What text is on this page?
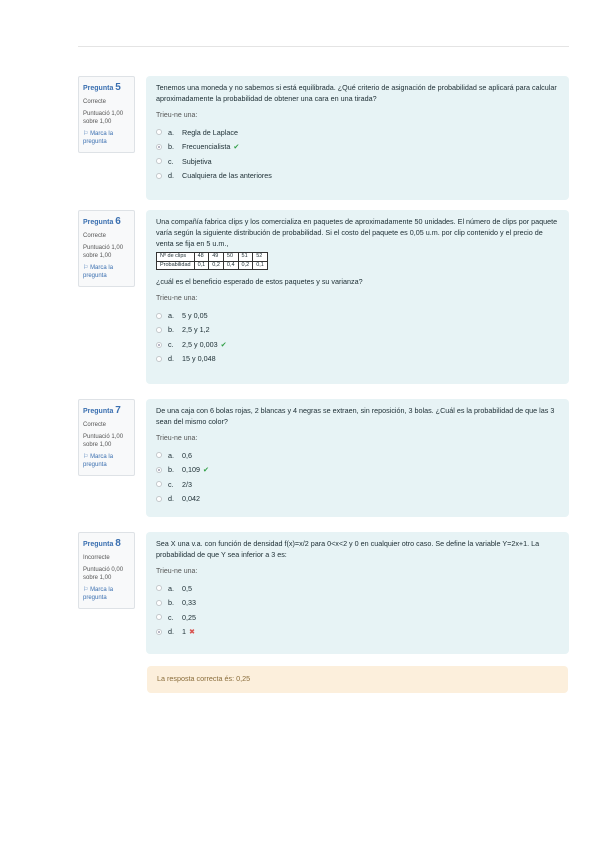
Pregunta 5
Correcte
Puntuació 1,00 sobre 1,00
⚐ Marca la pregunta
Tenemos una moneda y no sabemos si está equilibrada. ¿Qué criterio de asignación de probabilidad se aplicará para calcular aproximadamente la probabilidad de obtener una cara en una tirada?
Trieu-ne una:
a.	Regla de Laplace
b.	Frecuencialista ✔
c.	Subjetiva
d.	Cualquiera de las anteriores
Pregunta 6
Correcte
Puntuació 1,00 sobre 1,00
⚐ Marca la pregunta
Una compañía fabrica clips y los comercializa en paquetes de aproximadamente 50 unidades. El número de clips por paquete varía según la siguiente distribución de probabilidad. Si el costo del paquete es 0,05 u.m. por clip contenido y el precio de venta se fija en 5 u.m.,
Nº de clips	48	49	50	51	52
Probabilidad	0,1	0,2	0,4	0,2	0,1
¿cuál es el beneficio esperado de estos paquetes y su varianza?
Trieu-ne una:
a.	5 y 0,05
b.	2,5 y 1,2
c.	2,5 y 0,003 ✔
d.	15 y 0,048
Pregunta 7
Correcte
Puntuació 1,00 sobre 1,00
⚐ Marca la pregunta
De una caja con 6 bolas rojas, 2 blancas y 4 negras se extraen, sin reposición, 3 bolas. ¿Cuál es la probabilidad de que las 3 sean del mismo color?
Trieu-ne una:
a.	0,6
b.	0,109 ✔
c.	2/3
d.	0,042
Pregunta 8
Incorrecte
Puntuació 0,00 sobre 1,00
⚐ Marca la pregunta
Sea X una v.a. con función de densidad f(x)=x/2 para 0<x<2 y 0 en cualquier otro caso. Se define la variable Y=2x+1. La probabilidad de que Y sea inferior a 3 es:
Trieu-ne una:
a.	0,5
b.	0,33
c.	0,25
d.	1 ✖
La resposta correcta és: 0,25
